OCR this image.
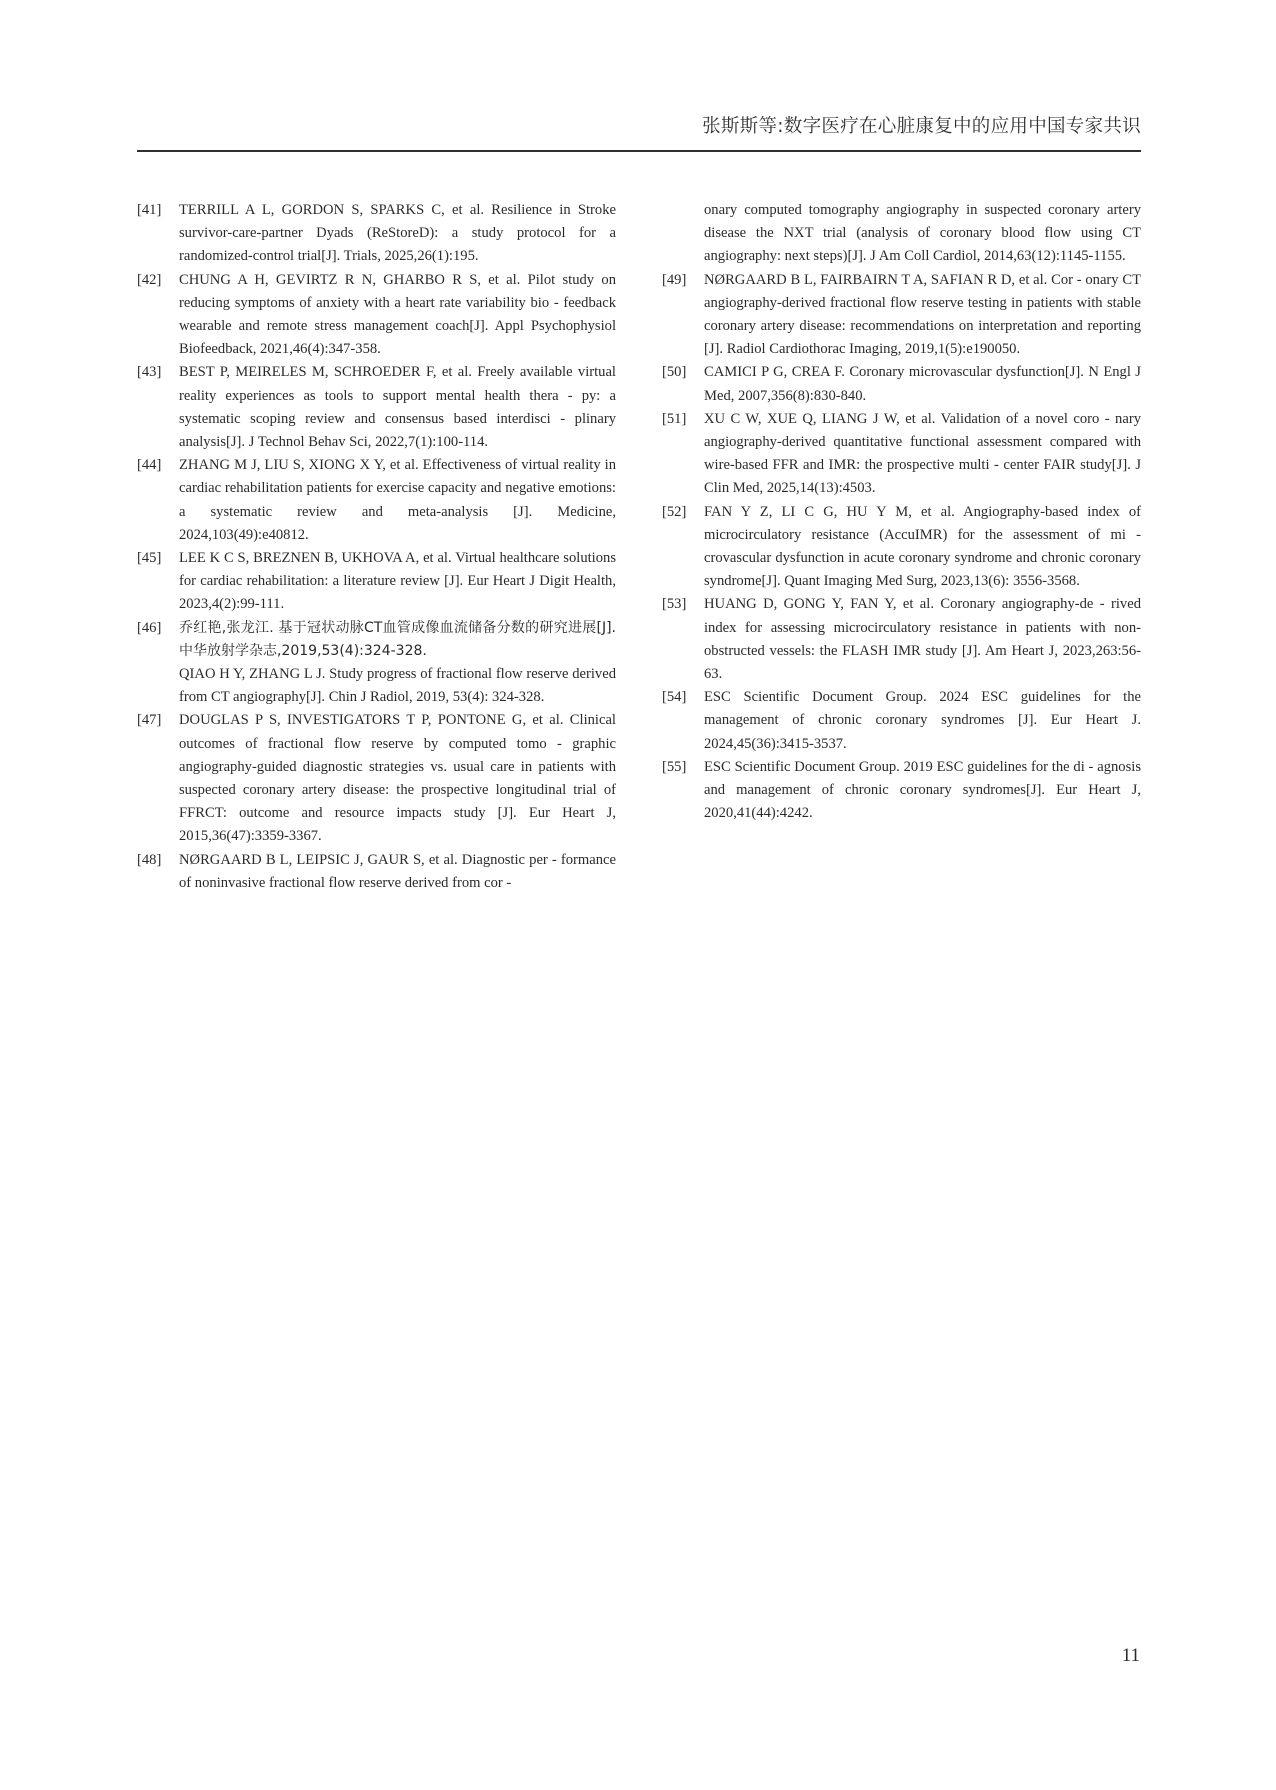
张斯斯等:数字医疗在心脏康复中的应用中国专家共识
[41] TERRILL A L, GORDON S, SPARKS C, et al. Resilience in Stroke survivor-care-partner Dyads (ReStoreD): a study protocol for a randomized-control trial[J]. Trials, 2025,26(1):195.
[42] CHUNG A H, GEVIRTZ R N, GHARBO R S, et al. Pilot study on reducing symptoms of anxiety with a heart rate variability bio - feedback wearable and remote stress management coach[J]. Appl Psychophysiol Biofeedback, 2021,46(4):347-358.
[43] BEST P, MEIRELES M, SCHROEDER F, et al. Freely available virtual reality experiences as tools to support mental health thera - py: a systematic scoping review and consensus based interdisci - plinary analysis[J]. J Technol Behav Sci, 2022,7(1):100-114.
[44] ZHANG M J, LIU S, XIONG X Y, et al. Effectiveness of virtual reality in cardiac rehabilitation patients for exercise capacity and negative emotions: a systematic review and meta-analysis [J]. Medicine, 2024,103(49):e40812.
[45] LEE K C S, BREZNEN B, UKHOVA A, et al. Virtual healthcare solutions for cardiac rehabilitation: a literature review [J]. Eur Heart J Digit Health, 2023,4(2):99-111.
[46] 乔红艳,张龙江. 基于冠状动脉CT血管成像血流储备分数的研究进展[J]. 中华放射学杂志,2019,53(4):324-328.
QIAO H Y, ZHANG L J. Study progress of fractional flow reserve derived from CT angiography[J]. Chin J Radiol, 2019, 53(4): 324-328.
[47] DOUGLAS P S, INVESTIGATORS T P, PONTONE G, et al. Clinical outcomes of fractional flow reserve by computed tomo - graphic angiography-guided diagnostic strategies vs. usual care in patients with suspected coronary artery disease: the prospective longitudinal trial of FFRCT: outcome and resource impacts study [J]. Eur Heart J, 2015,36(47):3359-3367.
[48] NØRGAARD B L, LEIPSIC J, GAUR S, et al. Diagnostic per - formance of noninvasive fractional flow reserve derived from cor -
onary computed tomography angiography in suspected coronary artery disease the NXT trial (analysis of coronary blood flow using CT angiography: next steps)[J]. J Am Coll Cardiol, 2014,63(12):1145-1155.
[49] NØRGAARD B L, FAIRBAIRN T A, SAFIAN R D, et al. Cor - onary CT angiography-derived fractional flow reserve testing in patients with stable coronary artery disease: recommendations on interpretation and reporting [J]. Radiol Cardiothorac Imaging, 2019,1(5):e190050.
[50] CAMICI P G, CREA F. Coronary microvascular dysfunction[J]. N Engl J Med, 2007,356(8):830-840.
[51] XU C W, XUE Q, LIANG J W, et al. Validation of a novel coro - nary angiography-derived quantitative functional assessment compared with wire-based FFR and IMR: the prospective multi - center FAIR study[J]. J Clin Med, 2025,14(13):4503.
[52] FAN Y Z, LI C G, HU Y M, et al. Angiography-based index of microcirculatory resistance (AccuIMR) for the assessment of mi - crovascular dysfunction in acute coronary syndrome and chronic coronary syndrome[J]. Quant Imaging Med Surg, 2023,13(6): 3556-3568.
[53] HUANG D, GONG Y, FAN Y, et al. Coronary angiography-de - rived index for assessing microcirculatory resistance in patients with non-obstructed vessels: the FLASH IMR study [J]. Am Heart J, 2023,263:56-63.
[54] ESC Scientific Document Group. 2024 ESC guidelines for the management of chronic coronary syndromes [J]. Eur Heart J. 2024,45(36):3415-3537.
[55] ESC Scientific Document Group. 2019 ESC guidelines for the di - agnosis and management of chronic coronary syndromes[J]. Eur Heart J, 2020,41(44):4242.
11
